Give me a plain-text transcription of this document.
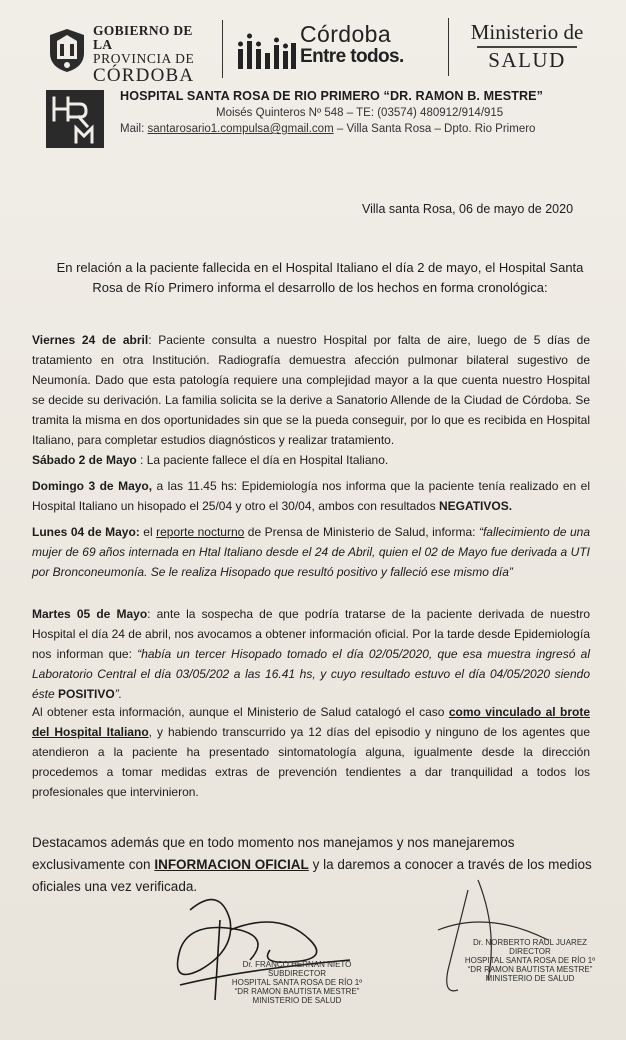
GOBIERNO DE LA
PROVINCIA DE
CÓRDOBA
Córdoba
Entre todos.
Ministerio de
SALUD
HOSPITAL SANTA ROSA DE RIO PRIMERO “DR. RAMON B. MESTRE”
Moisés Quinteros Nº 548 – TE: (03574) 480912/914/915
Mail: santarosario1.compulsa@gmail.com – Villa Santa Rosa – Dpto. Rio Primero
Villa santa Rosa, 06 de mayo de 2020
En relación a la paciente fallecida en el Hospital Italiano el día 2 de mayo, el Hospital Santa Rosa de Río Primero informa el desarrollo de los hechos en forma cronológica:
Viernes 24 de abril: Paciente consulta a nuestro Hospital por falta de aire, luego de 5 días de tratamiento en otra Institución. Radiografía demuestra afección pulmonar bilateral sugestivo de Neumonía. Dado que esta patología requiere una complejidad mayor a la que cuenta nuestro Hospital se decide su derivación. La familia solicita se la derive a Sanatorio Allende de la Ciudad de Córdoba. Se tramita la misma en dos oportunidades sin que se la pueda conseguir, por lo que es recibida en Hospital Italiano, para completar estudios diagnósticos y realizar tratamiento.
Sábado 2 de Mayo : La paciente fallece el día en Hospital Italiano.
Domingo 3 de Mayo, a las 11.45 hs: Epidemiología nos informa que la paciente tenía realizado en el Hospital Italiano un hisopado el 25/04 y otro el 30/04, ambos con resultados NEGATIVOS.
Lunes 04 de Mayo: el reporte nocturno de Prensa de Ministerio de Salud, informa: “fallecimiento de una mujer de 69 años internada en Htal Italiano desde el 24 de Abril, quien el 02 de Mayo fue derivada a UTI por Bronconeumonía. Se le realiza Hisopado que resultó positivo y falleció ese mismo día”
Martes 05 de Mayo: ante la sospecha de que podría tratarse de la paciente derivada de nuestro Hospital el día 24 de abril, nos avocamos a obtener información oficial. Por la tarde desde Epidemiología nos informan que: “había un tercer Hisopado tomado el día 02/05/2020, que esa muestra ingresó al Laboratorio Central el día 03/05/202 a las 16.41 hs, y cuyo resultado estuvo el día 04/05/2020 siendo éste POSITIVO”.
Al obtener esta información, aunque el Ministerio de Salud catalogó el caso como vinculado al brote del Hospital Italiano, y habiendo transcurrido ya 12 días del episodio y ninguno de los agentes que atendieron a la paciente ha presentado sintomatología alguna, igualmente desde la dirección procedemos a tomar medidas extras de prevención tendientes a dar tranquilidad a todos los profesionales que intervinieron.
Destacamos además que en todo momento nos manejamos y nos manejaremos exclusivamente con INFORMACION OFICIAL y la daremos a conocer a través de los medios oficiales una vez verificada.
Dr. FRANCO HERNAN NIETO
SUBDIRECTOR
HOSPITAL SANTA ROSA DE RÍO 1º
“DR RAMON BAUTISTA MESTRE”
MINISTERIO DE SALUD
Dr. NORBERTO RAUL JUAREZ
DIRECTOR
HOSPITAL SANTA ROSA DE RÍO 1º
“DR RAMON BAUTISTA MESTRE”
MINISTERIO DE SALUD
